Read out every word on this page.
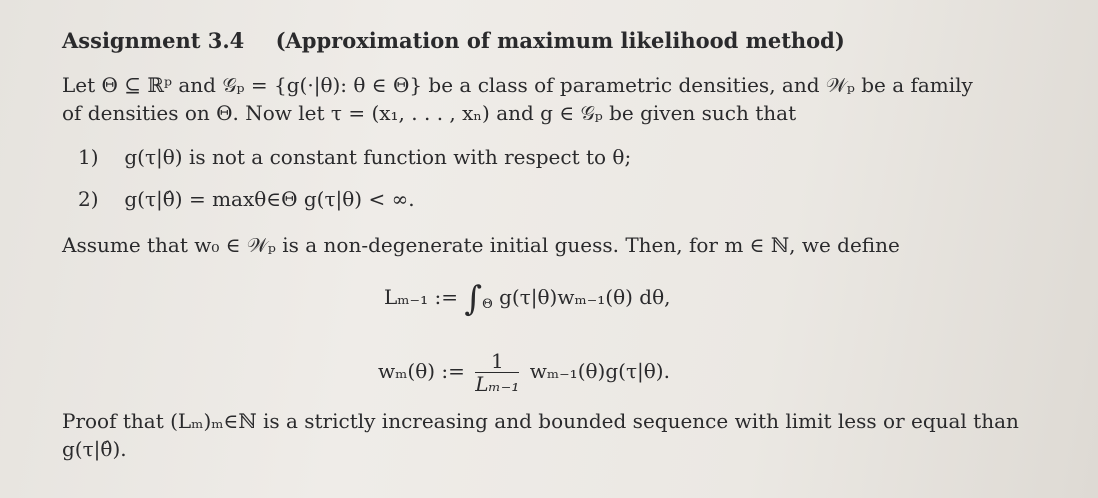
Assignment 3.4 (Approximation of maximum likelihood method)
Let Θ ⊆ ℝᵖ and 𝒢ₚ = {g(·|θ): θ ∈ Θ} be a class of parametric densities, and 𝒲ₚ be a family
of densities on Θ. Now let τ = (x₁, . . . , xₙ) and g ∈ 𝒢ₚ be given such that
1) g(τ|θ) is not a constant function with respect to θ;
2) g(τ|θ̂) = maxθ∈Θ g(τ|θ) < ∞.
Assume that w₀ ∈ 𝒲ₚ is a non-degenerate initial guess. Then, for m ∈ ℕ, we define
Lₘ₋₁ := $\int_\Theta$ g(τ|θ)wₘ₋₁(θ) dθ,
wₘ(θ) := $\frac{1}{\text{Lₘ₋₁}} w_{m-1}(\theta)g(\tau|\theta)$.
Proof that (Lₘ)ₘ∈ℕ is a strictly increasing and bounded sequence with limit less or equal than
g(τ|θ̂).
